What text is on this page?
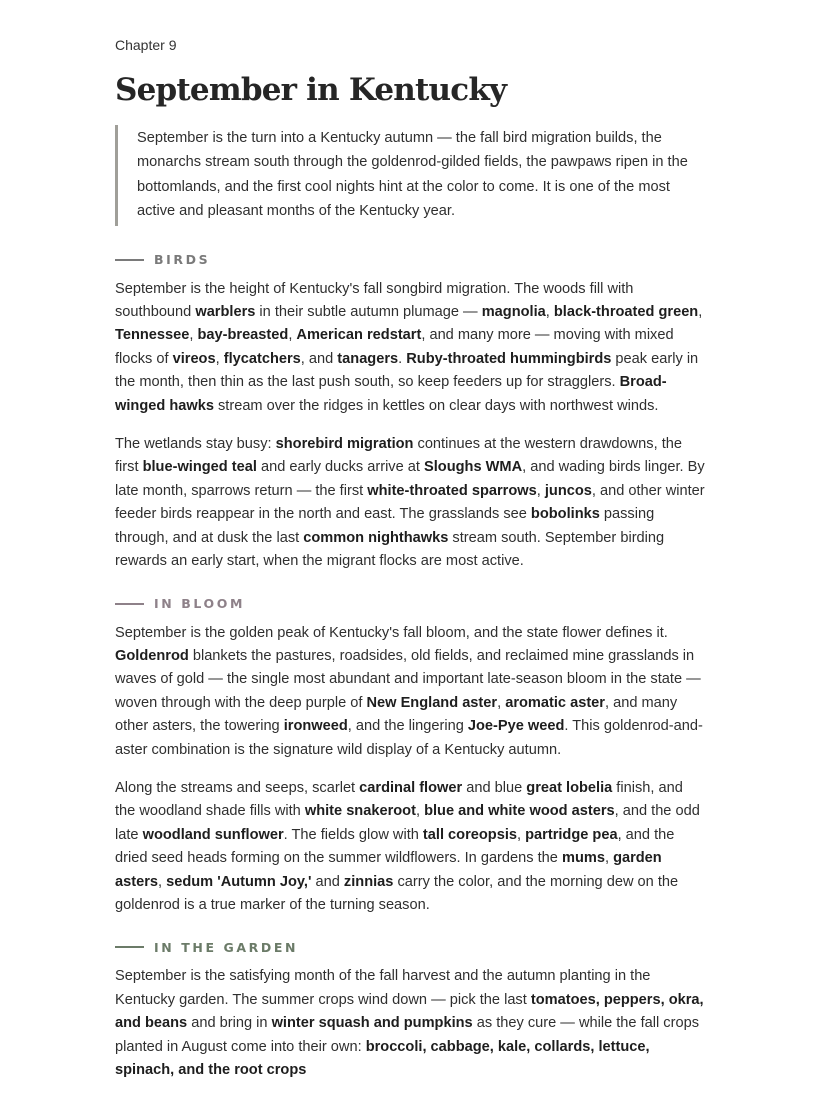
Chapter 9
September in Kentucky
September is the turn into a Kentucky autumn — the fall bird migration builds, the monarchs stream south through the goldenrod-gilded fields, the pawpaws ripen in the bottomlands, and the first cool nights hint at the color to come. It is one of the most active and pleasant months of the Kentucky year.
BIRDS

September is the height of Kentucky's fall songbird migration. The woods fill with southbound warblers in their subtle autumn plumage — magnolia, black-throated green, Tennessee, bay-breasted, American redstart, and many more — moving with mixed flocks of vireos, flycatchers, and tanagers. Ruby-throated hummingbirds peak early in the month, then thin as the last push south, so keep feeders up for stragglers. Broad-winged hawks stream over the ridges in kettles on clear days with northwest winds.

The wetlands stay busy: shorebird migration continues at the western drawdowns, the first blue-winged teal and early ducks arrive at Sloughs WMA, and wading birds linger. By late month, sparrows return — the first white-throated sparrows, juncos, and other winter feeder birds reappear in the north and east. The grasslands see bobolinks passing through, and at dusk the last common nighthawks stream south. September birding rewards an early start, when the migrant flocks are most active.

IN BLOOM

September is the golden peak of Kentucky's fall bloom, and the state flower defines it. Goldenrod blankets the pastures, roadsides, old fields, and reclaimed mine grasslands in waves of gold — the single most abundant and important late-season bloom in the state — woven through with the deep purple of New England aster, aromatic aster, and many other asters, the towering ironweed, and the lingering Joe-Pye weed. This goldenrod-and-aster combination is the signature wild display of a Kentucky autumn.

Along the streams and seeps, scarlet cardinal flower and blue great lobelia finish, and the woodland shade fills with white snakeroot, blue and white wood asters, and the odd late woodland sunflower. The fields glow with tall coreopsis, partridge pea, and the dried seed heads forming on the summer wildflowers. In gardens the mums, garden asters, sedum 'Autumn Joy,' and zinnias carry the color, and the morning dew on the goldenrod is a true marker of the turning season.

IN THE GARDEN

September is the satisfying month of the fall harvest and the autumn planting in the Kentucky garden. The summer crops wind down — pick the last tomatoes, peppers, okra, and beans and bring in winter squash and pumpkins as they cure — while the fall crops planted in August come into their own: broccoli, cabbage, kale, collards, lettuce, spinach, and the root crops
